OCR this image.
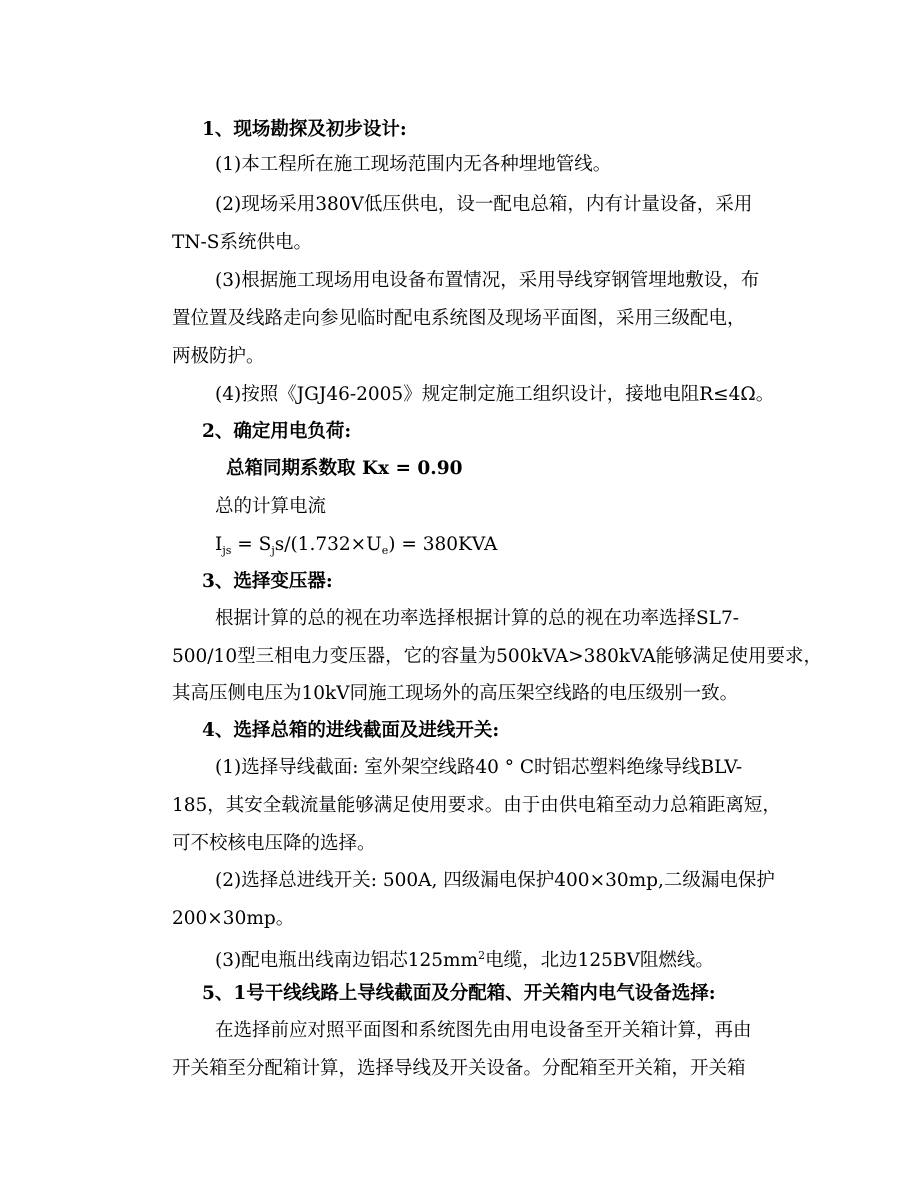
1、现场勘探及初步设计:
(1)本工程所在施工现场范围内无各种埋地管线。
(2)现场采用380V低压供电，设一配电总箱，内有计量设备，采用
TN-S系统供电。
(3)根据施工现场用电设备布置情况，采用导线穿钢管埋地敷设，布
置位置及线路走向参见临时配电系统图及现场平面图，采用三级配电，
两极防护。
(4)按照《JGJ46-2005》规定制定施工组织设计，接地电阻R≤4Ω。
2、确定用电负荷:
总箱同期系数取 Kx = 0.90
总的计算电流
$I_{js} = S_js/(1.732\times U_e) = 380KVA$
3、选择变压器:
根据计算的总的视在功率选择根据计算的总的视在功率选择SL7-
500/10型三相电力变压器，它的容量为500kVA>380kVA能够满足使用要求，
其高压侧电压为10kV同施工现场外的高压架空线路的电压级别一致。
4、选择总箱的进线截面及进线开关:
(1)选择导线截面: 室外架空线路40 ° C时铝芯塑料绝缘导线BLV-
185，其安全载流量能够满足使用要求。由于由供电箱至动力总箱距离短，
可不校核电压降的选择。
(2)选择总进线开关: 500A, 四级漏电保护400×30mp,二级漏电保护
200×30mp。
(3)配电瓶出线南边铝芯$125mm^2$电缆，北边125BV阻燃线。
5、1号干线线路上导线截面及分配箱、开关箱内电气设备选择:
在选择前应对照平面图和系统图先由用电设备至开关箱计算，再由
开关箱至分配箱计算，选择导线及开关设备。分配箱至开关箱，开关箱
